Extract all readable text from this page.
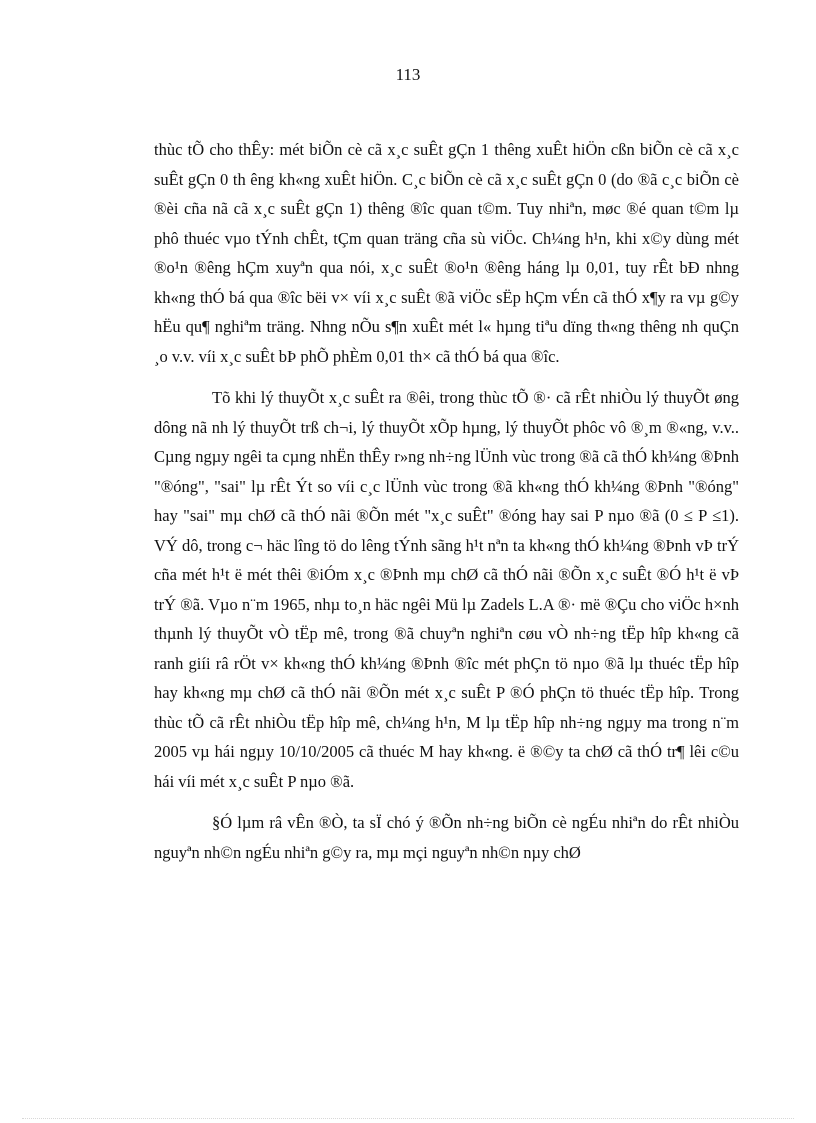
113

thùc tÕ cho thÊy: mét biÕn cè cã x¸c suÊt gÇn 1 thêng xuÊt hiÖn cßn biÕn cè cã x¸c suÊt gÇn 0 th êng kh«ng xuÊt hiÖn. C¸c biÕn cè cã x¸c suÊt gÇn 0 (do ®ã c¸c biÕn cè ®èi cña nã cã x¸c suÊt gÇn 1) thêng ®îc quan t©m. Tuy nhiªn, møc ®é quan t©m lµ phô thuéc vµo tÝnh chÊt, tÇm quan träng cña sù viÖc. Ch¼ng h¹n, khi x©y dùng mét ®o¹n ®êng hÇm xuyªn qua nói, x¸c suÊt ®o¹n ®êng háng lµ 0,01, tuy rÊt bÐ nhng kh«ng thÓ bá qua ®îc bëi v× víi x¸c suÊt ®ã viÖc sËp hÇm vÉn cã thÓ x¶y ra vµ g©y hËu qu¶ nghiªm träng. Nhng nÕu s¶n xuÊt mét l« hµng tiªu dïng th«ng thêng nh quÇn ¸o v.v. víi x¸c suÊt bÞ phÕ phÈm 0,01 th× cã thÓ bá qua ®îc.

Tõ khi lý thuyÕt x¸c suÊt ra ®êi, trong thùc tÕ ®· cã rÊt nhiÒu lý thuyÕt øng dông nã nh lý thuyÕt trß ch¬i, lý thuyÕt xÕp hµng, lý thuyÕt phôc vô ®¸m ®«ng, v.v.. Cµng ngµy ngêi ta cµng nhËn thÊy r»ng nh÷ng lÜnh vùc trong ®ã cã thÓ kh¼ng ®Þnh "®óng", "sai" lµ rÊt Ýt so víi c¸c lÜnh vùc trong ®ã kh«ng thÓ kh¼ng ®Þnh "®óng" hay "sai" mµ chØ cã thÓ nãi ®Õn mét "x¸c suÊt" ®óng hay sai P nµo ®ã (0 ≤ P ≤1). VÝ dô, trong c¬ häc lîng tö do lêng tÝnh sãng h¹t nªn ta kh«ng thÓ kh¼ng ®Þnh vÞ trÝ cña mét h¹t ë mét thêi ®iÓm x¸c ®Þnh mµ chØ cã thÓ nãi ®Õn x¸c suÊt ®Ó h¹t ë vÞ trÝ ®ã. Vµo n¨m 1965, nhµ to¸n häc ngêi Mü lµ Zadels L.A ®· më ®Çu cho viÖc h×nh thµnh lý thuyÕt vÒ tËp mê, trong ®ã chuyªn nghiªn cøu vÒ nh÷ng tËp hîp kh«ng cã ranh giíi râ rÖt v× kh«ng thÓ kh¼ng ®Þnh ®îc mét phÇn tö nµo ®ã lµ thuéc tËp hîp hay kh«ng mµ chØ cã thÓ nãi ®Õn mét x¸c suÊt P ®Ó phÇn tö thuéc tËp hîp. Trong thùc tÕ cã rÊt nhiÒu tËp hîp mê, ch¼ng h¹n, M lµ tËp hîp nh÷ng ngµy ma trong n¨m 2005 vµ hái ngµy 10/10/2005 cã thuéc M hay kh«ng. ë ®©y ta chØ cã thÓ tr¶ lêi c©u hái víi mét x¸c suÊt P nµo ®ã.

§Ó lµm râ vÊn ®Ò, ta sÏ chó ý ®Õn nh÷ng biÕn cè ngÉu nhiªn do rÊt nhiÒu nguyªn nh©n ngÉu nhiªn g©y ra, mµ mçi nguyªn nh©n nµy chØ
